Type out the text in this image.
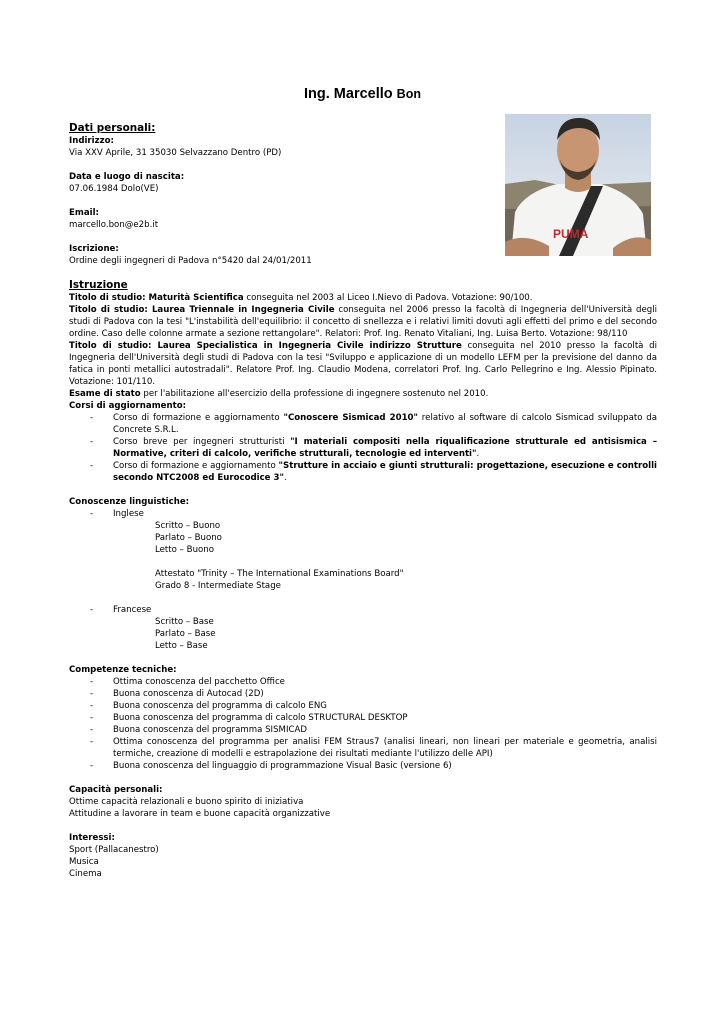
Ing. Marcello Bon
PUMA

Dati personali:

Indirizzo:

Via XXV Aprile, 31 35030 Selvazzano Dentro (PD)

Data e luogo di nascita:

07.06.1984 Dolo(VE)

Email:

marcello.bon@e2b.it

Iscrizione:

Ordine degli ingegneri di Padova n°5420 dal 24/01/2011

Istruzione

Titolo di studio: Maturità Scientifica conseguita nel 2003 al Liceo I.Nievo di Padova. Votazione: 90/100.

Titolo di studio: Laurea Triennale in Ingegneria Civile conseguita nel 2006 presso la facoltà di Ingegneria dell'Università degli studi di Padova con la tesi "L'instabilità dell'equilibrio: il concetto di snellezza e i relativi limiti dovuti agli effetti del primo e del secondo ordine. Caso delle colonne armate a sezione rettangolare". Relatori: Prof. Ing. Renato Vitaliani, Ing. Luisa Berto. Votazione: 98/110

Titolo di studio: Laurea Specialistica in Ingegneria Civile indirizzo Strutture conseguita nel 2010 presso la facoltà di Ingegneria dell'Università degli studi di Padova con la tesi "Sviluppo e applicazione di un modello LEFM per la previsione del danno da fatica in ponti metallici autostradali". Relatore Prof. Ing. Claudio Modena, correlatori Prof. Ing. Carlo Pellegrino e Ing. Alessio Pipinato. Votazione: 101/110.

Esame di stato per l'abilitazione all'esercizio della professione di ingegnere sostenuto nel 2010.

Corsi di aggiornamento:

- Corso di formazione e aggiornamento "Conoscere Sismicad 2010" relativo al software di calcolo Sismicad sviluppato da Concrete S.R.L.
- Corso breve per ingegneri strutturisti "I materiali compositi nella riqualificazione strutturale ed antisismica – Normative, criteri di calcolo, verifiche strutturali, tecnologie ed interventi".
- Corso di formazione e aggiornamento "Strutture in acciaio e giunti strutturali: progettazione, esecuzione e controlli secondo NTC2008 ed Eurocodice 3".

Conoscenze linguistiche:

- Inglese

Scritto – Buono

Parlato – Buono

Letto – Buono

Attestato "Trinity – The International Examinations Board"

Grado 8 - Intermediate Stage

- Francese

Scritto – Base

Parlato – Base

Letto – Base

Competenze tecniche:

- Ottima conoscenza del pacchetto Office
- Buona conoscenza di Autocad (2D)
- Buona conoscenza del programma di calcolo ENG
- Buona conoscenza del programma di calcolo STRUCTURAL DESKTOP
- Buona conoscenza del programma SISMICAD
- Ottima conoscenza del programma per analisi FEM Straus7 (analisi lineari, non lineari per materiale e geometria, analisi termiche, creazione di modelli e estrapolazione dei risultati mediante l'utilizzo delle API)
- Buona conoscenza del linguaggio di programmazione Visual Basic (versione 6)

Capacità personali:

Ottime capacità relazionali e buono spirito di iniziativa

Attitudine a lavorare in team e buone capacità organizzative

Interessi:

Sport (Pallacanestro)

Musica

Cinema
